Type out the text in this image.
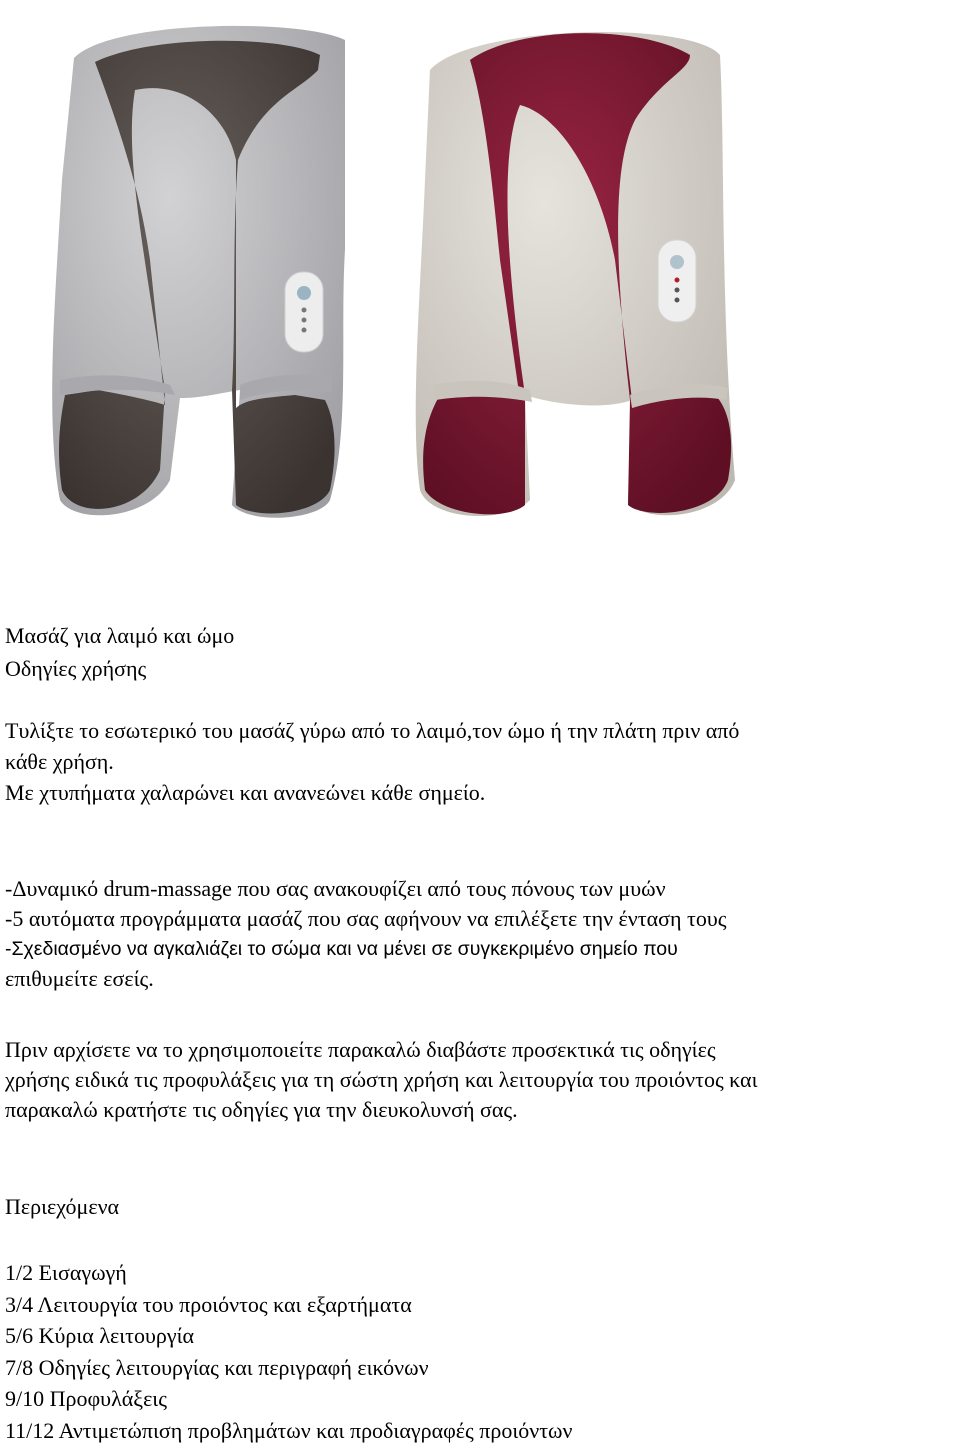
Μασάζ για λαιμό και ώμο
Οδηγίες χρήσης
Τυλίξτε το εσωτερικό του μασάζ γύρω από το λαιμό,τον ώμο ή την πλάτη πριν από
κάθε χρήση.
Με χτυπήματα χαλαρώνει και ανανεώνει κάθε σημείο.
-Δυναμικό drum-massage που σας ανακουφίζει από τους πόνους των μυών
-5 αυτόματα προγράμματα μασάζ που σας αφήνουν να επιλέξετε την ένταση τους
-Σχεδιασμένο να αγκαλιάζει το σώμα και να μένει σε συγκεκριμένο σημείο που
επιθυμείτε εσείς.
Πριν αρχίσετε να το χρησιμοποιείτε παρακαλώ διαβάστε προσεκτικά τις οδηγίες
χρήσης ειδικά τις προφυλάξεις για τη σώστη χρήση και λειτουργία του προιόντος και
παρακαλώ κρατήστε τις οδηγίες για την διευκολυνσή σας.
Περιεχόμενα
1/2 Εισαγωγή
3/4 Λειτουργία του προιόντος και εξαρτήματα
5/6 Κύρια λειτουργία
7/8 Οδηγίες λειτουργίας και περιγραφή εικόνων
9/10 Προφυλάξεις
11/12 Αντιμετώπιση προβλημάτων και προδιαγραφές προιόντων
